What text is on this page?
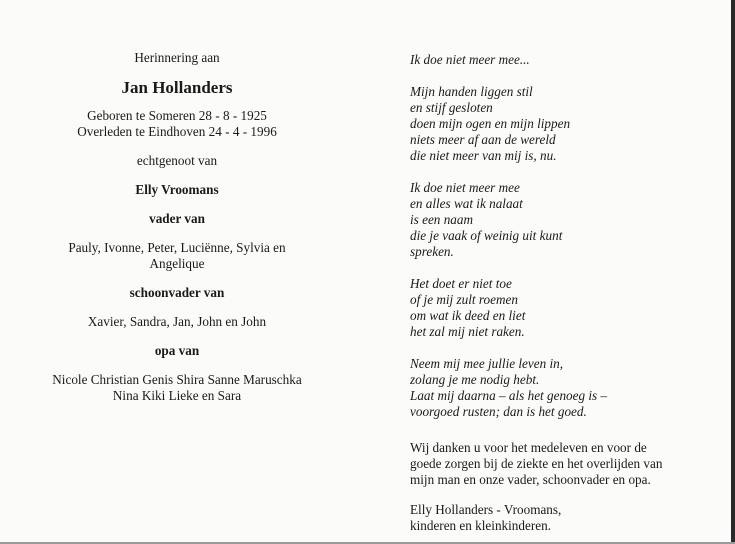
Herinnering aan
Jan Hollanders
Geboren te Someren 28 - 8 - 1925
Overleden te Eindhoven 24 - 4 - 1996
echtgenoot van
Elly Vroomans
vader van
Pauly, Ivonne, Peter, Luciënne, Sylvia en
Angelique
schoonvader van
Xavier, Sandra, Jan, John en John
opa van
Nicole Christian Genis Shira Sanne Maruschka
Nina Kiki Lieke en Sara
Ik doe niet meer mee...
Mijn handen liggen stil
en stijf gesloten
doen mijn ogen en mijn lippen
niets meer af aan de wereld
die niet meer van mij is, nu.
Ik doe niet meer mee
en alles wat ik nalaat
is een naam
die je vaak of weinig uit kunt
spreken.
Het doet er niet toe
of je mij zult roemen
om wat ik deed en liet
het zal mij niet raken.
Neem mij mee jullie leven in,
zolang je me nodig hebt.
Laat mij daarna – als het genoeg is –
voorgoed rusten; dan is het goed.
Wij danken u voor het medeleven en voor de
goede zorgen bij de ziekte en het overlijden van
mijn man en onze vader, schoonvader en opa.
Elly Hollanders - Vroomans,
kinderen en kleinkinderen.
